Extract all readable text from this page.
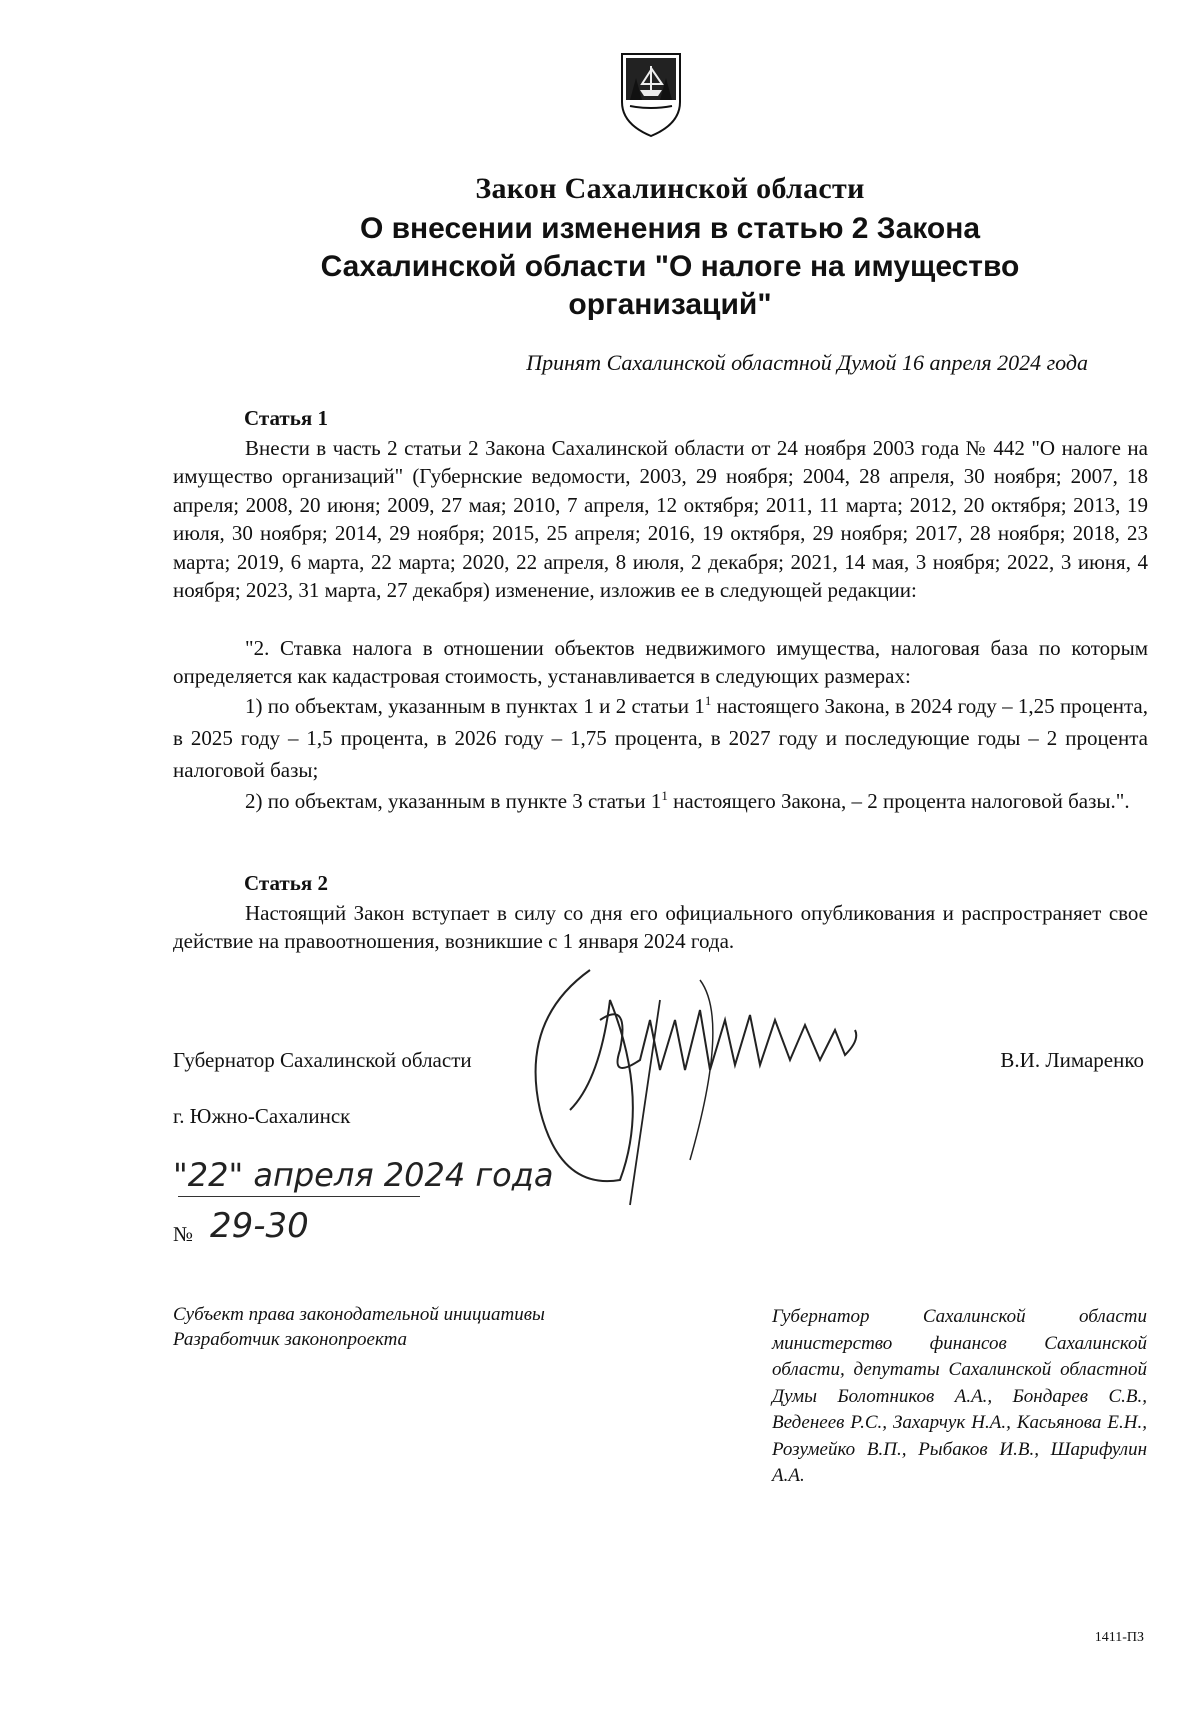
Закон Сахалинской области
О внесении изменения в статью 2 Закона
Сахалинской области "О налоге на имущество
организаций"
Принят Сахалинской областной Думой 16 апреля 2024 года
Статья 1
Внести в часть 2 статьи 2 Закона Сахалинской области от 24 ноября 2003 года № 442 "О налоге на имущество организаций" (Губернские ведомости, 2003, 29 ноября; 2004, 28 апреля, 30 ноября; 2007, 18 апреля; 2008, 20 июня; 2009, 27 мая; 2010, 7 апреля, 12 октября; 2011, 11 марта; 2012, 20 октября; 2013, 19 июля, 30 ноября; 2014, 29 ноября; 2015, 25 апреля; 2016, 19 октября, 29 ноября; 2017, 28 ноября; 2018, 23 марта; 2019, 6 марта, 22 марта; 2020, 22 апреля, 8 июля, 2 декабря; 2021, 14 мая, 3 ноября; 2022, 3 июня, 4 ноября; 2023, 31 марта, 27 декабря) изменение, изложив ее в следующей редакции:
"2. Ставка налога в отношении объектов недвижимого имущества, налоговая база по которым определяется как кадастровая стоимость, устанавливается в следующих размерах:
1) по объектам, указанным в пунктах 1 и 2 статьи $1^1$ настоящего Закона, в 2024 году – 1,25 процента, в 2025 году – 1,5 процента, в 2026 году – 1,75 процента, в 2027 году и последующие годы – 2 процента налоговой базы;
2) по объектам, указанным в пункте 3 статьи $1^1$ настоящего Закона, – 2 процента налоговой базы.".
Статья 2
Настоящий Закон вступает в силу со дня его официального опубликования и распространяет свое действие на правоотношения, возникшие с 1 января 2024 года.
Губернатор Сахалинской области	В.И. Лимаренко
г. Южно-Сахалинск
"22" апреля 2024 года
№ 29-30
Субъект права законодательной инициативы
Разработчик законопроекта
Губернатор Сахалинской области министерство финансов Сахалинской области, депутаты Сахалинской областной Думы Болотников А.А., Бондарев С.В., Веденеев Р.С., Захарчук Н.А., Касьянова Е.Н., Розумейко В.П., Рыбаков И.В., Шарифулин А.А.
1411-ПЗ
